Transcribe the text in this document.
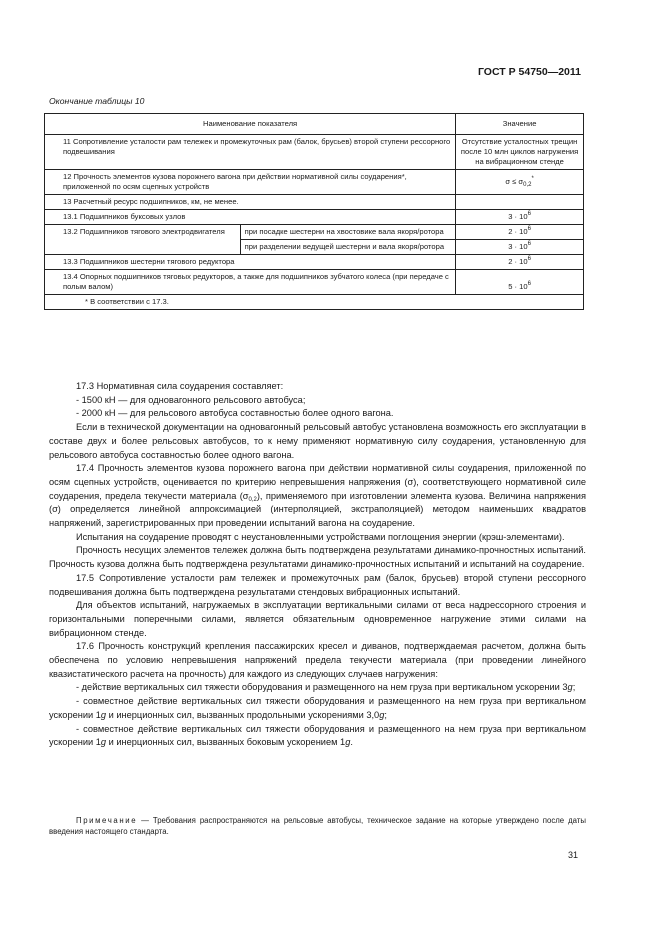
ГОСТ Р 54750—2011
Окончание таблицы 10
Наименование показателя		Значение
11 Сопротивление усталости рам тележек и промежуточных рам (балок, брусьев) второй ступени рессорного подвешивания		Отсутствие усталостных трещин после 10 млн циклов нагружения на вибрационном стенде
12 Прочность элементов кузова порожнего вагона при действии нормативной силы соударения*, приложенной по осям сцепных устройств		$\sigma \le \sigma_{0,2}^*$
13 Расчетный ресурс подшипников, км, не менее.		
13.1 Подшипников буксовых узлов		$3 \cdot 10^6$
13.2 Подшипников тягового электродвигателя	при посадке шестерни на хвостовике вала якоря/ротора	$2 \cdot 10^6$
	при разделении ведущей шестерни и вала якоря/ротора	$3 \cdot 10^6$
13.3 Подшипников шестерни тягового редуктора		$2 \cdot 10^6$
13.4 Опорных подшипников тяговых редукторов, а также для подшипников зубчатого колеса (при передаче с полым валом)		$5 \cdot 10^6$
* В соответствии с 17.3.		

17.3 Нормативная сила соударения составляет:

- 1500 кН — для одновагонного рельсового автобуса;

- 2000 кН — для рельсового автобуса составностью более одного вагона.

Если в технической документации на одновагонный рельсовый автобус установлена возможность его эксплуатации в составе двух и более рельсовых автобусов, то к нему применяют нормативную силу соударения, установленную для рельсового автобуса составностью более одного вагона.

17.4 Прочность элементов кузова порожнего вагона при действии нормативной силы соударения, приложенной по осям сцепных устройств, оценивается по критерию непревышения напряжения (σ), соответствующего нормативной силе соударения, предела текучести материала $(\sigma_{0,2})$, применяемого при изготовлении элемента кузова. Величина напряжения (σ) определяется линейной аппроксимацией (интерполяцией, экстраполяцией) методом наименьших квадратов напряжений, зарегистрированных при проведении испытаний вагона на соударение.

Испытания на соударение проводят с неустановленными устройствами поглощения энергии (крэш-элементами).

Прочность несущих элементов тележек должна быть подтверждена результатами динамико-прочностных испытаний. Прочность кузова должна быть подтверждена результатами динамико-прочностных испытаний и испытаний на соударение.

17.5 Сопротивление усталости рам тележек и промежуточных рам (балок, брусьев) второй ступени рессорного подвешивания должна быть подтверждена результатами стендовых вибрационных испытаний.

Для объектов испытаний, нагружаемых в эксплуатации вертикальными силами от веса надрессорного строения и горизонтальными поперечными силами, является обязательным одновременное нагружение этими силами на вибрационном стенде.

17.6 Прочность конструкций крепления пассажирских кресел и диванов, подтверждаемая расчетом, должна быть обеспечена по условию непревышения напряжений предела текучести материала (при проведении линейного квазистатического расчета на прочность) для каждого из следующих случаев нагружения:

- действие вертикальных сил тяжести оборудования и размещенного на нем груза при вертикальном ускорении 3g;

- совместное действие вертикальных сил тяжести оборудования и размещенного на нем груза при вертикальном ускорении 1g и инерционных сил, вызванных продольными ускорениями 3,0g;

- совместное действие вертикальных сил тяжести оборудования и размещенного на нем груза при вертикальном ускорении 1g и инерционных сил, вызванных боковым ускорением 1g.

Примечание — Требования распространяются на рельсовые автобусы, техническое задание на которые утверждено после даты введения настоящего стандарта.
31
